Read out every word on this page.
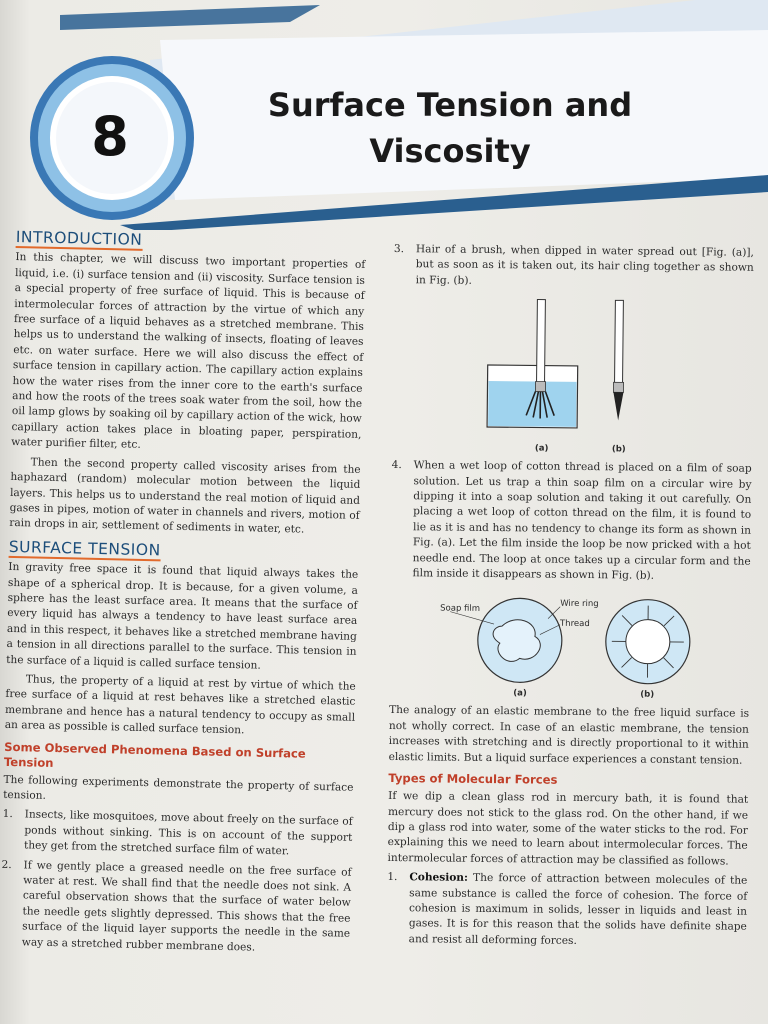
8	Surface Tension and
Viscosity
INTRODUCTION

In this chapter, we will discuss two important properties of liquid, i.e. (i) surface tension and (ii) viscosity. Surface tension is a special property of free surface of liquid. This is because of intermolecular forces of attraction by the virtue of which any free surface of a liquid behaves as a stretched membrane. This helps us to understand the walking of insects, floating of leaves etc. on water surface. Here we will also discuss the effect of surface tension in capillary action. The capillary action explains how the water rises from the inner core to the earth's surface and how the roots of the trees soak water from the soil, how the oil lamp glows by soaking oil by capillary action of the wick, how capillary action takes place in bloating paper, perspiration, water purifier filter, etc.

Then the second property called viscosity arises from the haphazard (random) molecular motion between the liquid layers. This helps us to understand the real motion of liquid and gases in pipes, motion of water in channels and rivers, motion of rain drops in air, settlement of sediments in water, etc.

SURFACE TENSION

In gravity free space it is found that liquid always takes the shape of a spherical drop. It is because, for a given volume, a sphere has the least surface area. It means that the surface of every liquid has always a tendency to have least surface area and in this respect, it behaves like a stretched membrane having a tension in all directions parallel to the surface. This tension in the surface of a liquid is called surface tension.

Thus, the property of a liquid at rest by virtue of which the free surface of a liquid at rest behaves like a stretched elastic membrane and hence has a natural tendency to occupy as small an area as possible is called surface tension.

Some Observed Phenomena Based on Surface Tension

The following experiments demonstrate the property of surface tension.

1.	Insects, like mosquitoes, move about freely on the surface of ponds without sinking. This is on account of the support they get from the stretched surface film of water.
2.	If we gently place a greased needle on the free surface of water at rest. We shall find that the needle does not sink. A careful observation shows that the surface of water below the needle gets slightly depressed. This shows that the free surface of the liquid layer supports the needle in the same way as a stretched rubber membrane does.
3.	Hair of a brush, when dipped in water spread out [Fig. (a)], but as soon as it is taken out, its hair cling together as shown in Fig. (b).
(a)	(b)
4.	When a wet loop of cotton thread is placed on a film of soap solution. Let us trap a thin soap film on a circular wire by dipping it into a soap solution and taking it out carefully. On placing a wet loop of cotton thread on the film, it is found to lie as it is and has no tendency to change its form as shown in Fig. (a). Let the film inside the loop be now pricked with a hot needle end. The loop at once takes up a circular form and the film inside it disappears as shown in Fig. (b).
Soap film	Wire ring
Thread
(a)	(b)

The analogy of an elastic membrane to the free liquid surface is not wholly correct. In case of an elastic membrane, the tension increases with stretching and is directly proportional to it within elastic limits. But a liquid surface experiences a constant tension.

Types of Molecular Forces

If we dip a clean glass rod in mercury bath, it is found that mercury does not stick to the glass rod. On the other hand, if we dip a glass rod into water, some of the water sticks to the rod. For explaining this we need to learn about intermolecular forces. The intermolecular forces of attraction may be classified as follows.

1.	Cohesion: The force of attraction between molecules of the same substance is called the force of cohesion. The force of cohesion is maximum in solids, lesser in liquids and least in gases. It is for this reason that the solids have definite shape and resist all deforming forces.
